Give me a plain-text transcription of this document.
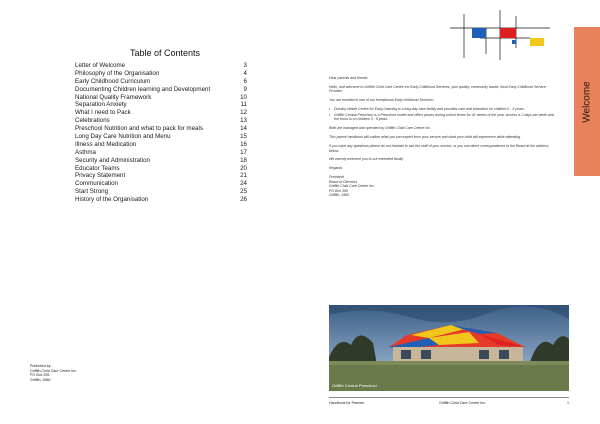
Table of Contents
Letter of Welcome	3
Philosophy of the Organisation	4
Early Childhood Curriculum	6
Documenting Children learning and Development	9
National Quality Framework	10
Separation Anxiety	11
What I need to Pack	12
Celebrations	13
Preschool Nutrition and what to pack for meals	14
Long Day Care Nutrition and Menu	15
Illness and Medication	16
Asthma	17
Security and Administration	18
Educator Teams	20
Privacy Statement	21
Communication	24
Start Strong	25
History of the Organisation	26
Published by:
Griffith Child Care Centre Inc.
PO Box 395
Griffith, 2680
Welcome

Dear parents and friends

Hello, and welcome to Griffith Child Care Centre Inc Early Childhood Services, your quality, community based, local Early Childhood Service Provider.

You are enrolled in one of our exceptional Early childhood Services:

• Dorothy Waide Centre for Early Learning is a long day care facility and provides care and education for children 0 - 5 years.
• Griffith Central Preschool is a Preschool model and offers places during school terms for 41 weeks of the year. Access is 2 days per week and the focus is on children 3 - 5 years.

Both are managed and operated by Griffith Child Care Centre Inc.

This parent handbook will outline what you can expect from your service and what your child will experience while attending.

If you have any questions please do not hesitate to ask the staff of your service, or you can direct correspondence to the Board at the address below.

We warmly welcome you to our extended family.

Regards

President
Board of Directors
Griffith Child Care Centre Inc.
PO Box 395
Griffith, 2680
Griffith Central Preschool
Handbook for Parents	Griffith Child Care Centre Inc.	1
